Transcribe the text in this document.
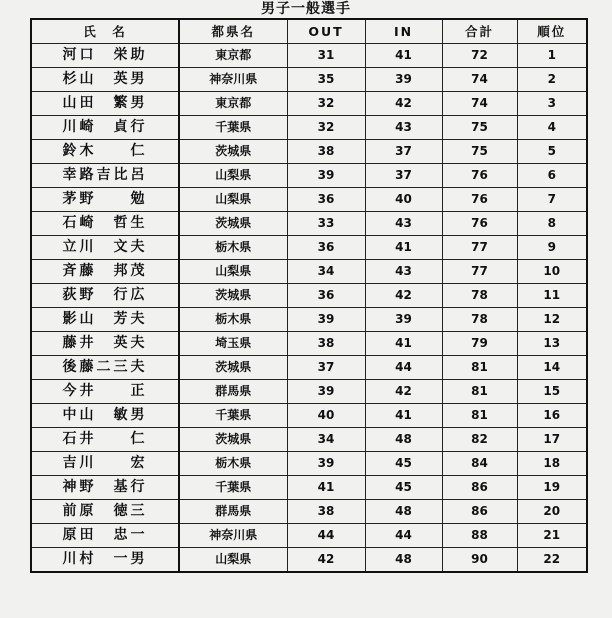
男子一般選手
氏　名	都県名	OUT	IN	合計	順位
河口　栄助	東京都	31	41	72	1
杉山　英男	神奈川県	35	39	74	2
山田　繁男	東京都	32	42	74	3
川崎　貞行	千葉県	32	43	75	4
鈴木　　仁	茨城県	38	37	75	5
幸路吉比呂	山梨県	39	37	76	6
茅野　　勉	山梨県	36	40	76	7
石崎　哲生	茨城県	33	43	76	8
立川　文夫	栃木県	36	41	77	9
斉藤　邦茂	山梨県	34	43	77	10
荻野　行広	茨城県	36	42	78	11
影山　芳夫	栃木県	39	39	78	12
藤井　英夫	埼玉県	38	41	79	13
後藤二三夫	茨城県	37	44	81	14
今井　　正	群馬県	39	42	81	15
中山　敏男	千葉県	40	41	81	16
石井　　仁	茨城県	34	48	82	17
吉川　　宏	栃木県	39	45	84	18
神野　基行	千葉県	41	45	86	19
前原　徳三	群馬県	38	48	86	20
原田　忠一	神奈川県	44	44	88	21
川村　一男	山梨県	42	48	90	22
